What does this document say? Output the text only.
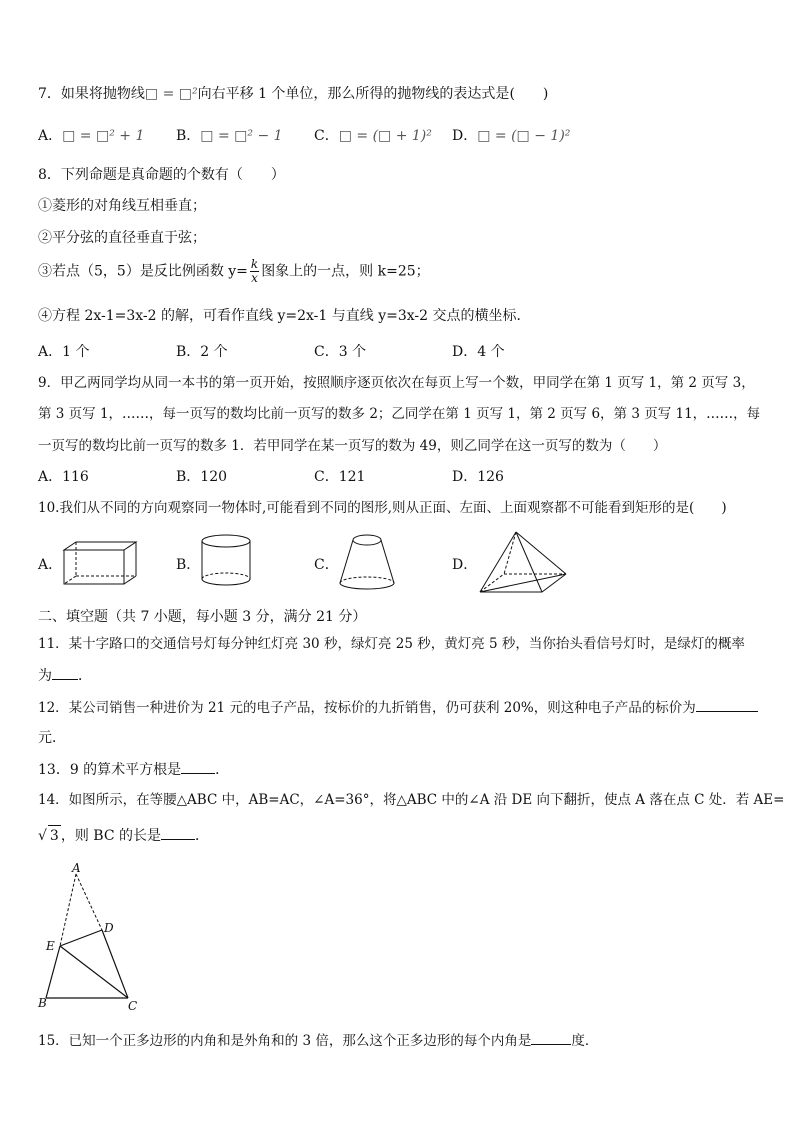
7．如果将抛物线□ = □²向右平移 1 个单位，那么所得的抛物线的表达式是(　　)
A．□ = □² + 1 B．□ = □² − 1 C．□ = (□ + 1)² D．□ = (□ − 1)²
8．下列命题是真命题的个数有（　　）
①菱形的对角线互相垂直；
②平分弦的直径垂直于弦；
③若点（5，5）是反比例函数 $y= \frac{k}{x}$ 图象上的一点，则 k=25；
④方程 2x-1=3x-2 的解，可看作直线 y=2x-1 与直线 y=3x-2 交点的横坐标．
A．1 个	B．2 个	C．3 个	D．4 个
9．甲乙两同学均从同一本书的第一页开始，按照顺序逐页依次在每页上写一个数，甲同学在第 1 页写 1，第 2 页写 3，
第 3 页写 1，……，每一页写的数均比前一页写的数多 2；乙同学在第 1 页写 1，第 2 页写 6，第 3 页写 11，……，每
一页写的数均比前一页写的数多 1．若甲同学在某一页写的数为 49，则乙同学在这一页写的数为（　　）
A．116	B．120	C．121	D．126
10.我们从不同的方向观察同一物体时,可能看到不同的图形,则从正面、左面、上面观察都不可能看到矩形的是(　　)
A．	B．	C．	D．
二、填空题（共 7 小题，每小题 3 分，满分 21 分）
11．某十字路口的交通信号灯每分钟红灯亮 30 秒，绿灯亮 25 秒，黄灯亮 5 秒，当你抬头看信号灯时，是绿灯的概率
为 ．
12．某公司销售一种进价为 21 元的电子产品，按标价的九折销售，仍可获利 20%，则这种电子产品的标价为
元．
13．9 的算术平方根是 ．
14．如图所示，在等腰△ABC 中，AB=AC，∠A=36°，将△ABC 中的∠A 沿 DE 向下翻折，使点 A 落在点 C 处．若 AE=
√ 3 ，则 BC 的长是 ．
A
D
E
B	C
15．已知一个正多边形的内角和是外角和的 3 倍，那么这个正多边形的每个内角是	度．
